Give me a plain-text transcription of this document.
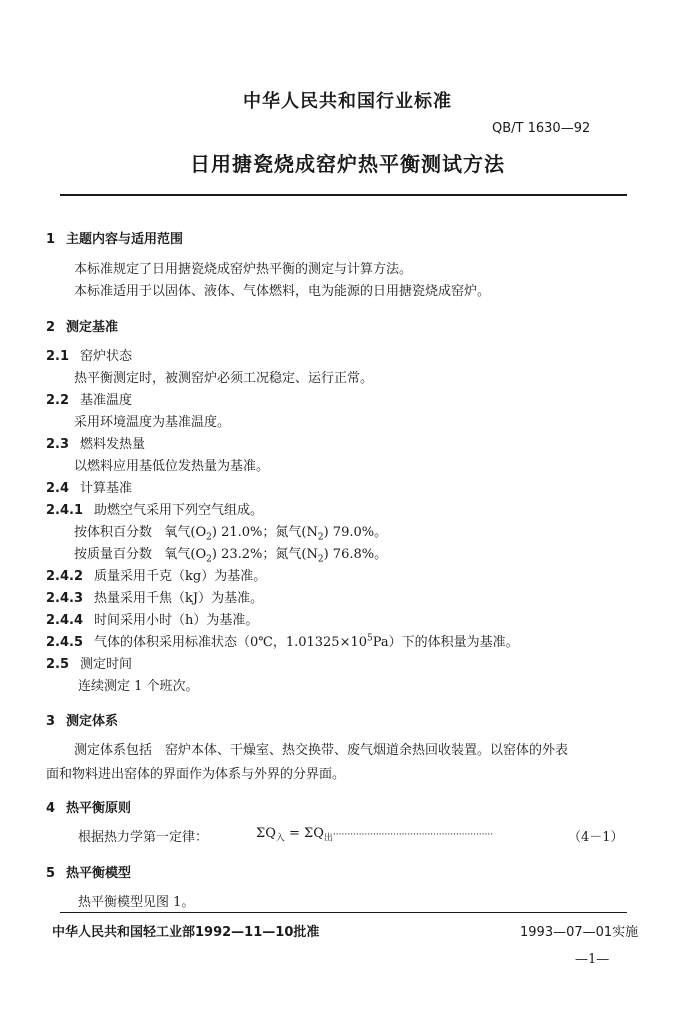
中华人民共和国行业标准
QB/T 1630—92
日用搪瓷烧成窑炉热平衡测试方法
1 主题内容与适用范围
本标准规定了日用搪瓷烧成窑炉热平衡的测定与计算方法。
本标准适用于以固体、液体、气体燃料，电为能源的日用搪瓷烧成窑炉。
2 测定基准
2.1 窑炉状态
热平衡测定时，被测窑炉必须工况稳定、运行正常。
2.2 基准温度
采用环境温度为基准温度。
2.3 燃料发热量
以燃料应用基低位发热量为基准。
2.4 计算基准
2.4.1 助燃空气采用下列空气组成。
按体积百分数 氧气$(O_2)$ 21.0%；氮气$(N_2)$ 79.0%。
按质量百分数 氧气$(O_2)$ 23.2%；氮气$(N_2)$ 76.8%。
2.4.2 质量采用千克（kg）为基准。
2.4.3 热量采用千焦（kJ）为基准。
2.4.4 时间采用小时（h）为基准。
2.4.5 气体的体积采用标准状态（0℃，$1.01325\times 10^5Pa$）下的体积量为基准。
2.5 测定时间
连续测定 1 个班次。
3 测定体系
测定体系包括　窑炉本体、干燥室、热交换带、废气烟道余热回收装置。以窑体的外表
面和物料进出窑体的界面作为体系与外界的分界面。
4 热平衡原则
根据热力学第一定律：	$\Sigma Q_入 = \Sigma Q_出\cdot\cdot\cdot\cdot\cdot\cdot\cdot\cdot\cdot\cdot\cdot\cdot\cdot\cdot\cdot\cdot\cdot\cdot\cdot\cdot\cdot\cdot\cdot\cdot\cdot\cdot\cdot\cdot\cdot\cdot\cdot\cdot\cdot\cdot\cdot\cdot\cdot\cdot\cdot\cdot\cdot\cdot\cdot\cdot\cdot\cdot\cdot\cdot\cdot\cdot\cdot\cdot\cdot\cdot\cdot\cdot$	（4－1）
5 热平衡模型
热平衡模型见图 1。
中华人民共和国轻工业部1992—11—10批准	1993—07—01实施
—1—
